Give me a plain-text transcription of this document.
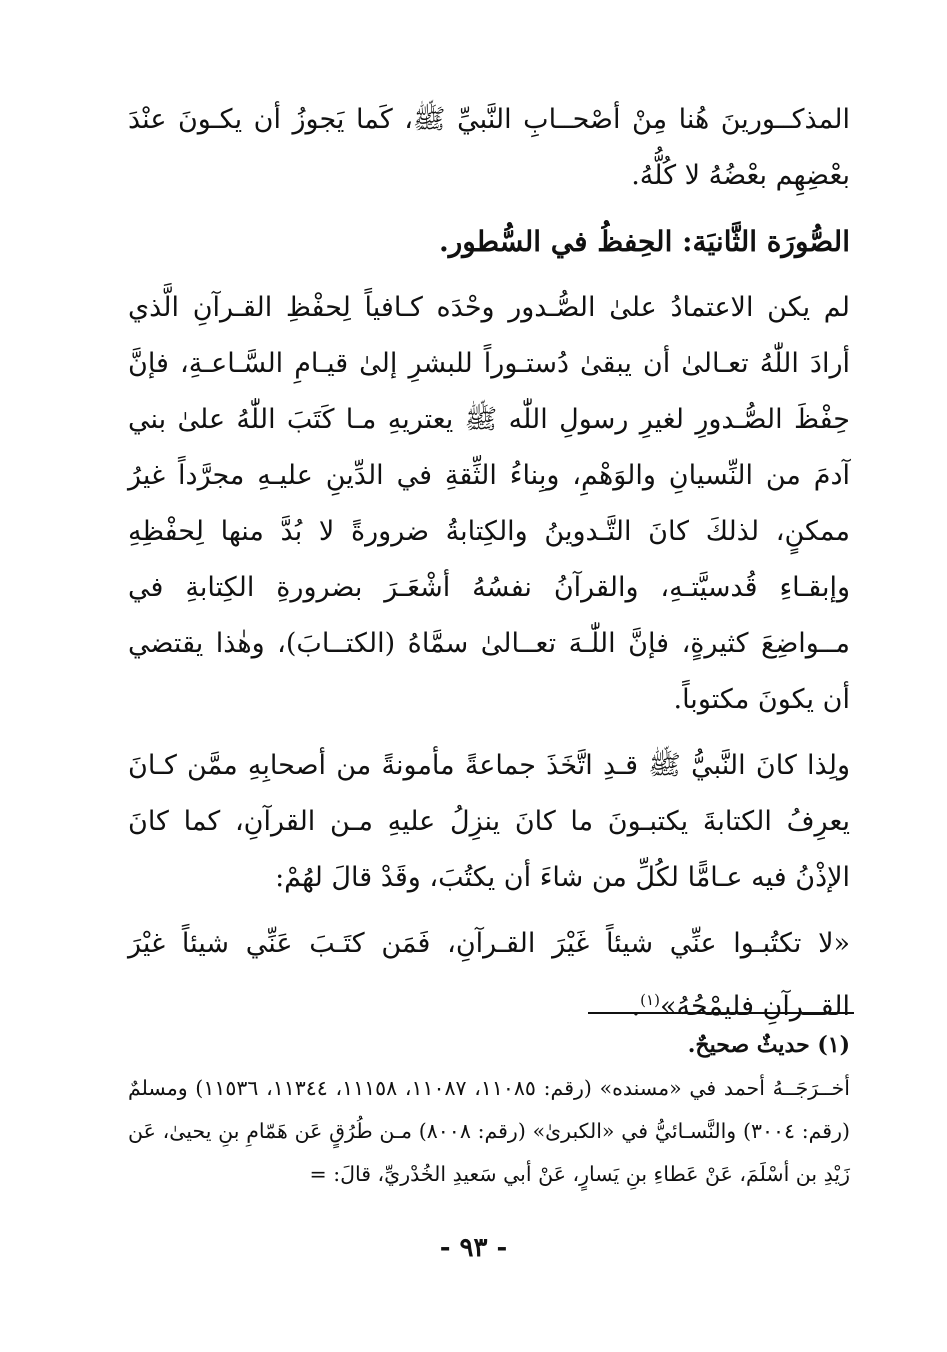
المذكــورينَ هُنا مِنْ أصْحــابِ النَّبيِّ ﷺ، كَما يَجوزُ أن يكـونَ عنْدَ بعْضِهِم بعْضُهُ لا كُلُّهُ.

الصُّورَة الثَّانيَة: الحِفظُ في السُّطور.

لم يكن الاعتمادُ علىٰ الصُّـدور وحْدَه كـافياً لِحفْظِ القـرآنِ الَّذي أرادَ اللّٰهُ تعـالىٰ أن يبقىٰ دُستـوراً للبشرِ إلىٰ قيـامِ السَّـاعـةِ، فإنَّ حِفْظَ الصُّـدورِ لغيرِ رسولِ اللّٰه ﷺ يعتريهِ مـا كَتَبَ اللّٰهُ علىٰ بني آدمَ من النِّسيانِ والوَهْمِ، وبِناءُ الثِّقةِ في الدِّينِ عليـهِ مجرَّداً غيرُ ممكنٍ، لذلكَ كانَ التَّـدوينُ والكِتابةُ ضرورةً لا بُدَّ منها لِحفْظِهِ وإبقـاءِ قُدسيَّتـهِ، والقرآنُ نفسُهُ أشْعَـرَ بضرورةِ الكِتابةِ في مــواضِعَ كثيرةٍ، فإنَّ اللّٰـهَ تعــالىٰ سمَّاهُ (الكتــابَ)، وهٰذا يقتضي أن يكونَ مكتوباً.

ولِذا كانَ النَّبيُّ ﷺ قـدِ اتَّخَذَ جماعةً مأمونةً من أصحابِهِ ممَّن كـانَ يعرِفُ الكتابةَ يكتبـونَ ما كانَ ينزِلُ عليهِ مـن القرآنِ، كما كانَ الإذْنُ فيه عـامًّا لكُلِّ من شاءَ أن يكتُبَ، وقَدْ قالَ لهُمْ:

«لا تكتُبـوا عنِّي شيئاً غَيْرَ القـرآنِ، فَمَن كتَـبَ عَنِّي شيئاً غيْرَ القــرآنِ فليمْحُهُ»$^{(١)}$.

(١) حديثٌ صحيحٌ.

أخــرَجَــهُ أحمد في «مسنده» (رقم: ١١٠٨٥، ١١٠٨٧، ١١١٥٨، ١١٣٤٤، ١١٥٣٦) ومسلمٌ (رقم: ٣٠٠٤) والنَّسـائيُّ في «الكبرىٰ» (رقم: ٨٠٠٨) مـن طُرُقٍ عَن هَمّامِ بنِ يحيىٰ، عَن زَيْدِ بن أسْلَمَ، عَنْ عَطاءِ بنِ يَسارٍ، عَنْ أبي سَعيدِ الخُدْريِّ، قالَ: =

- ٩٣ -
